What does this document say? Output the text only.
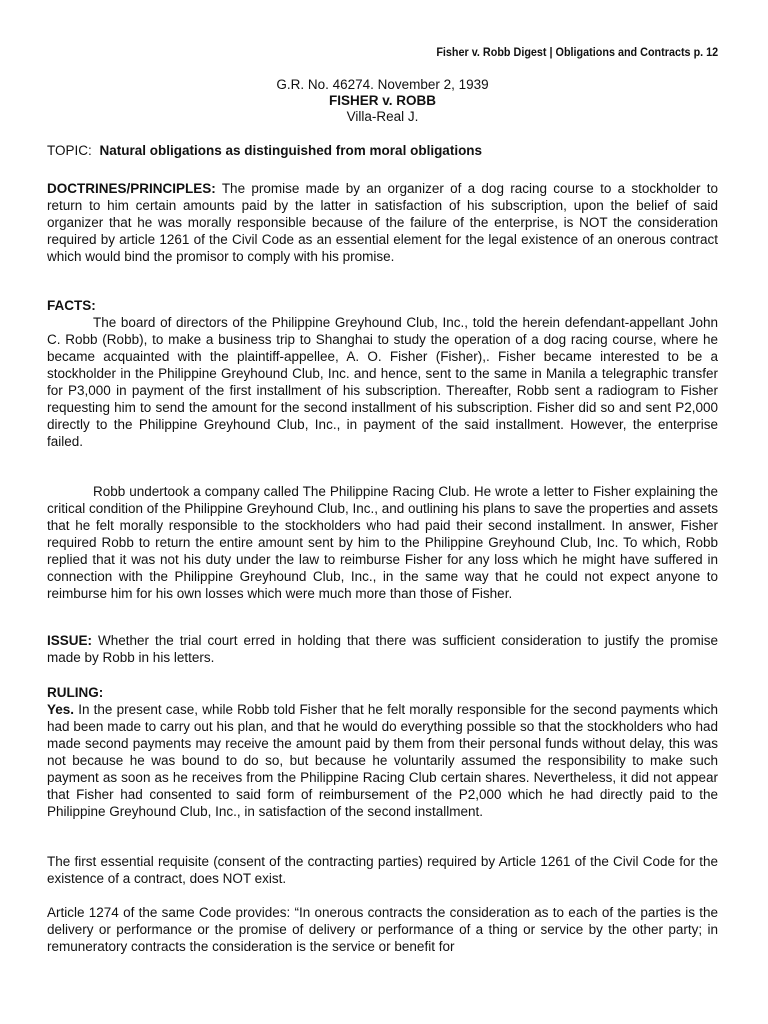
Fisher v. Robb Digest | Obligations and Contracts p. 12
G.R. No. 46274. November 2, 1939
FISHER v. ROBB
Villa-Real J.
TOPIC: Natural obligations as distinguished from moral obligations

DOCTRINES/PRINCIPLES: The promise made by an organizer of a dog racing course to a stockholder to return to him certain amounts paid by the latter in satisfaction of his subscription, upon the belief of said organizer that he was morally responsible because of the failure of the enterprise, is NOT the consideration required by article 1261 of the Civil Code as an essential element for the legal existence of an onerous contract which would bind the promisor to comply with his promise.

FACTS:

The board of directors of the Philippine Greyhound Club, Inc., told the herein defendant-appellant John C. Robb (Robb), to make a business trip to Shanghai to study the operation of a dog racing course, where he became acquainted with the plaintiff-appellee, A. O. Fisher (Fisher),. Fisher became interested to be a stockholder in the Philippine Greyhound Club, Inc. and hence, sent to the same in Manila a telegraphic transfer for P3,000 in payment of the first installment of his subscription. Thereafter, Robb sent a radiogram to Fisher requesting him to send the amount for the second installment of his subscription. Fisher did so and sent P2,000 directly to the Philippine Greyhound Club, Inc., in payment of the said installment. However, the enterprise failed.

Robb undertook a company called The Philippine Racing Club. He wrote a letter to Fisher explaining the critical condition of the Philippine Greyhound Club, Inc., and outlining his plans to save the properties and assets that he felt morally responsible to the stockholders who had paid their second installment. In answer, Fisher required Robb to return the entire amount sent by him to the Philippine Greyhound Club, Inc. To which, Robb replied that it was not his duty under the law to reimburse Fisher for any loss which he might have suffered in connection with the Philippine Greyhound Club, Inc., in the same way that he could not expect anyone to reimburse him for his own losses which were much more than those of Fisher.

ISSUE: Whether the trial court erred in holding that there was sufficient consideration to justify the promise made by Robb in his letters.

RULING:

Yes. In the present case, while Robb told Fisher that he felt morally responsible for the second payments which had been made to carry out his plan, and that he would do everything possible so that the stockholders who had made second payments may receive the amount paid by them from their personal funds without delay, this was not because he was bound to do so, but because he voluntarily assumed the responsibility to make such payment as soon as he receives from the Philippine Racing Club certain shares. Nevertheless, it did not appear that Fisher had consented to said form of reimbursement of the P2,000 which he had directly paid to the Philippine Greyhound Club, Inc., in satisfaction of the second installment.

The first essential requisite (consent of the contracting parties) required by Article 1261 of the Civil Code for the existence of a contract, does NOT exist.

Article 1274 of the same Code provides: “In onerous contracts the consideration as to each of the parties is the delivery or performance or the promise of delivery or performance of a thing or service by the other party; in remuneratory contracts the consideration is the service or benefit for
